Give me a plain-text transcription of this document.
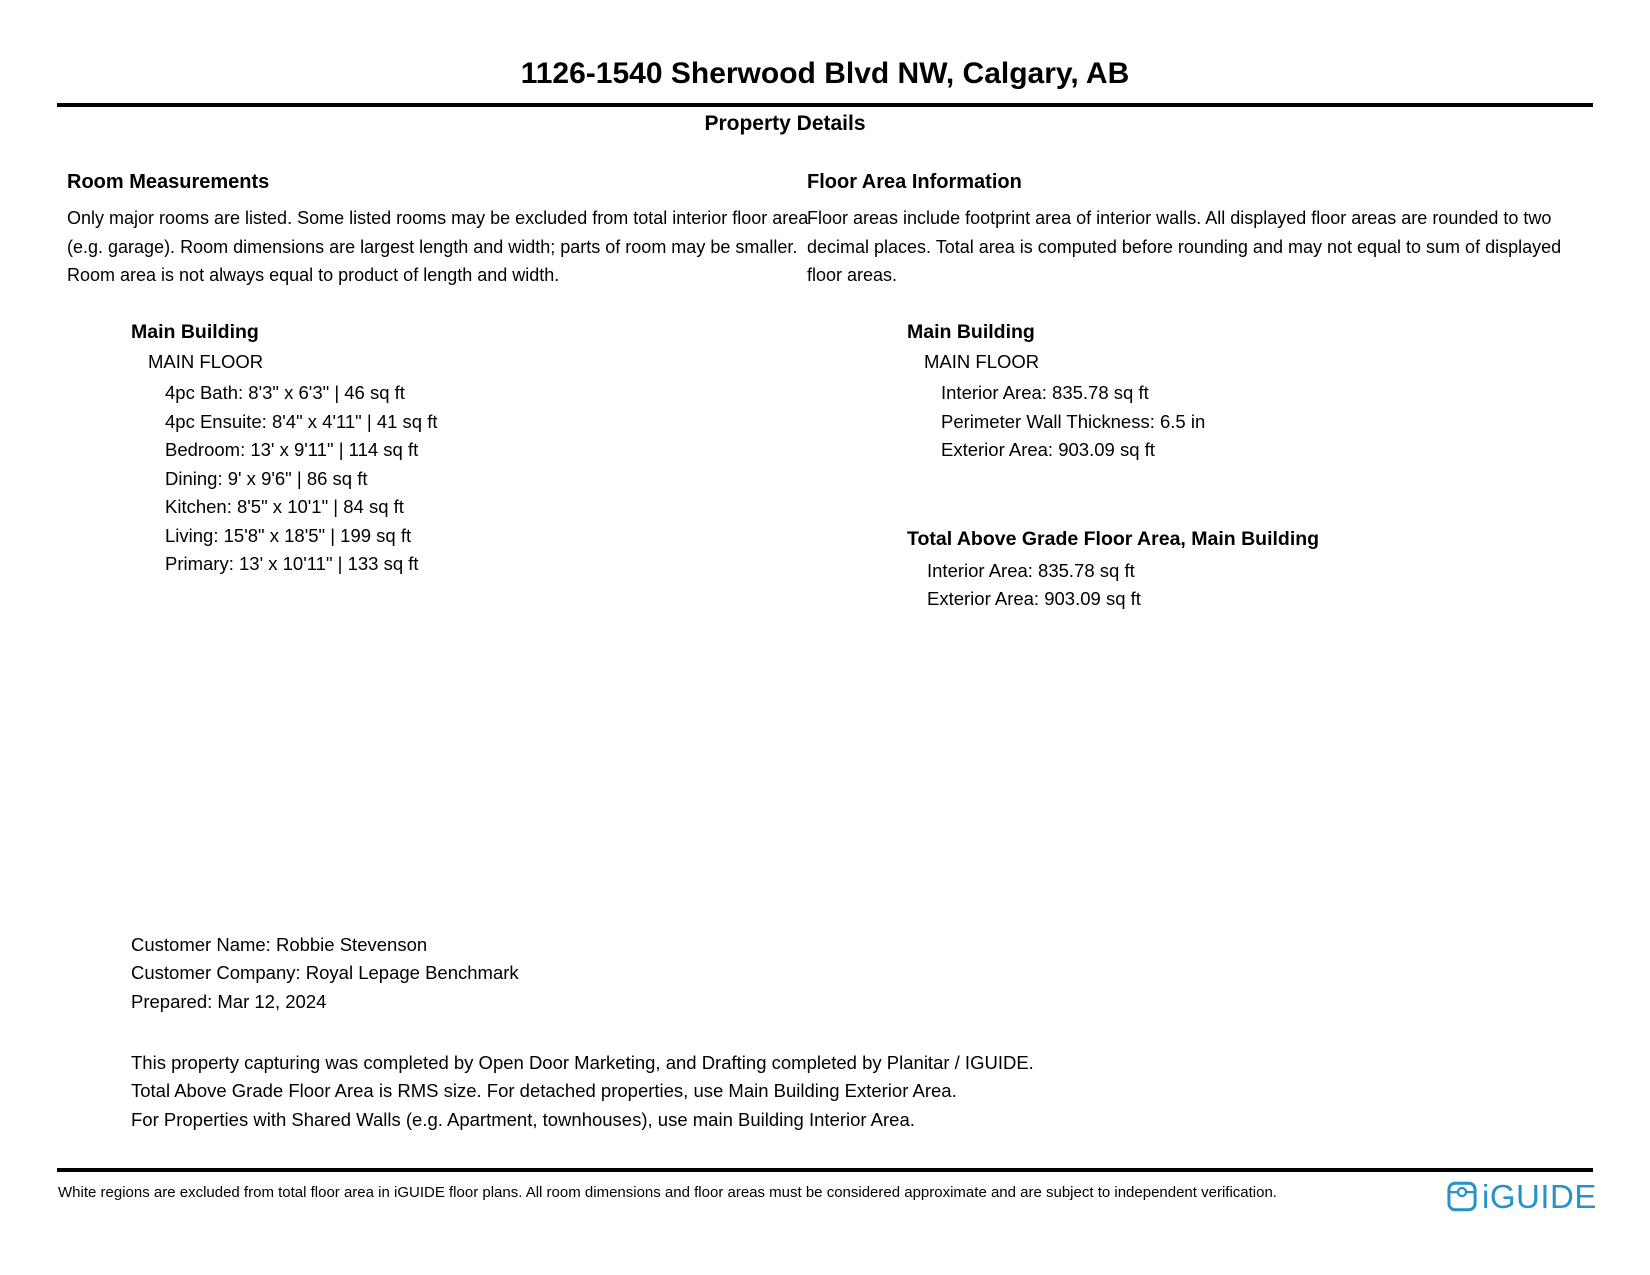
1126-1540 Sherwood Blvd NW, Calgary, AB
Property Details
Room Measurements
Only major rooms are listed. Some listed rooms may be excluded from total interior floor area
(e.g. garage). Room dimensions are largest length and width; parts of room may be smaller.
Room area is not always equal to product of length and width.
Floor Area Information
Floor areas include footprint area of interior walls. All displayed floor areas are rounded to two
decimal places. Total area is computed before rounding and may not equal to sum of displayed
floor areas.
Main Building
MAIN FLOOR
4pc Bath: 8'3" x 6'3" | 46 sq ft
4pc Ensuite: 8'4" x 4'11" | 41 sq ft
Bedroom: 13' x 9'11" | 114 sq ft
Dining: 9' x 9'6" | 86 sq ft
Kitchen: 8'5" x 10'1" | 84 sq ft
Living: 15'8" x 18'5" | 199 sq ft
Primary: 13' x 10'11" | 133 sq ft
Main Building
MAIN FLOOR
Interior Area: 835.78 sq ft
Perimeter Wall Thickness: 6.5 in
Exterior Area: 903.09 sq ft
Total Above Grade Floor Area, Main Building
Interior Area: 835.78 sq ft
Exterior Area: 903.09 sq ft
Customer Name: Robbie Stevenson
Customer Company: Royal Lepage Benchmark
Prepared: Mar 12, 2024
This property capturing was completed by Open Door Marketing, and Drafting completed by Planitar / IGUIDE.
Total Above Grade Floor Area is RMS size. For detached properties, use Main Building Exterior Area.
For Properties with Shared Walls (e.g. Apartment, townhouses), use main Building Interior Area.
White regions are excluded from total floor area in iGUIDE floor plans. All room dimensions and floor areas must be considered approximate and are subject to independent verification.	iGUIDE
